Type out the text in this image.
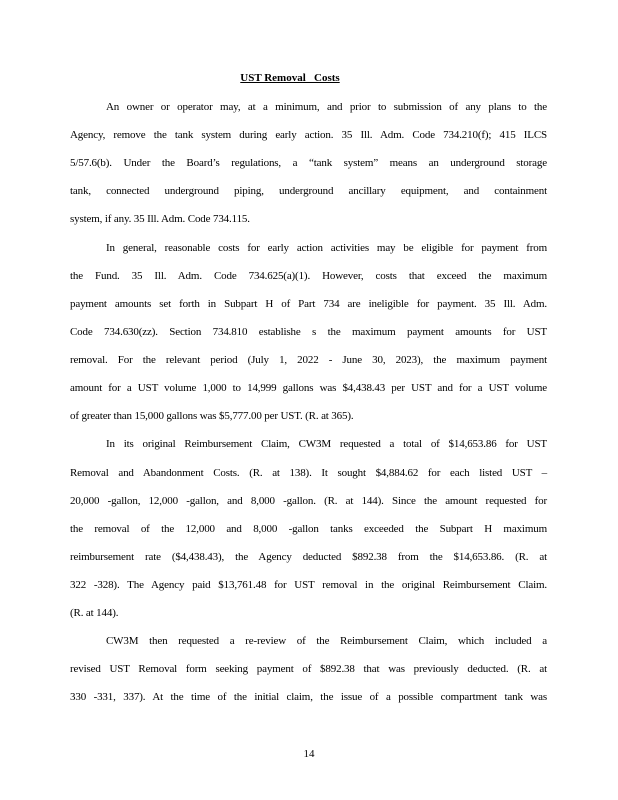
UST Removal   Costs
An owner or operator may, at a minimum, and prior to submission of any plans to the
Agency, remove the tank system during early action. 35 Ill. Adm. Code 734.210(f); 415 ILCS
5/57.6(b). Under the Board’s regulations, a “tank system” means an underground storage
tank, connected underground piping, underground ancillary equipment, and containment
system, if any. 35 Ill. Adm. Code 734.115.
In general, reasonable costs for early action activities may be eligible for payment from
the Fund. 35 Ill. Adm. Code 734.625(a)(1). However, costs that exceed the maximum
payment amounts set forth in Subpart H of Part 734 are ineligible for payment. 35 Ill. Adm.
Code 734.630(zz). Section 734.810 establishe s the maximum payment amounts for UST
removal. For the relevant period (July 1, 2022 - June 30, 2023), the maximum payment
amount for a UST volume 1,000 to 14,999 gallons was $4,438.43 per UST and for a UST volume
of greater than 15,000 gallons was $5,777.00 per UST. (R. at 365).
In its original Reimbursement Claim, CW3M requested a total of $14,653.86 for UST
Removal and Abandonment Costs. (R. at 138). It sought $4,884.62 for each listed UST –
20,000 -gallon, 12,000 -gallon, and 8,000 -gallon. (R. at 144). Since the amount requested for
the removal of the 12,000 and 8,000 -gallon tanks exceeded the Subpart H maximum
reimbursement rate ($4,438.43), the Agency deducted $892.38 from the $14,653.86. (R. at
322 -328). The Agency paid $13,761.48 for UST removal in the original Reimbursement Claim.
(R. at 144).
CW3M then requested a re-review of the Reimbursement Claim, which included a
revised UST Removal form seeking payment of $892.38 that was previously deducted. (R. at
330 -331, 337). At the time of the initial claim, the issue of a possible compartment tank was
14
